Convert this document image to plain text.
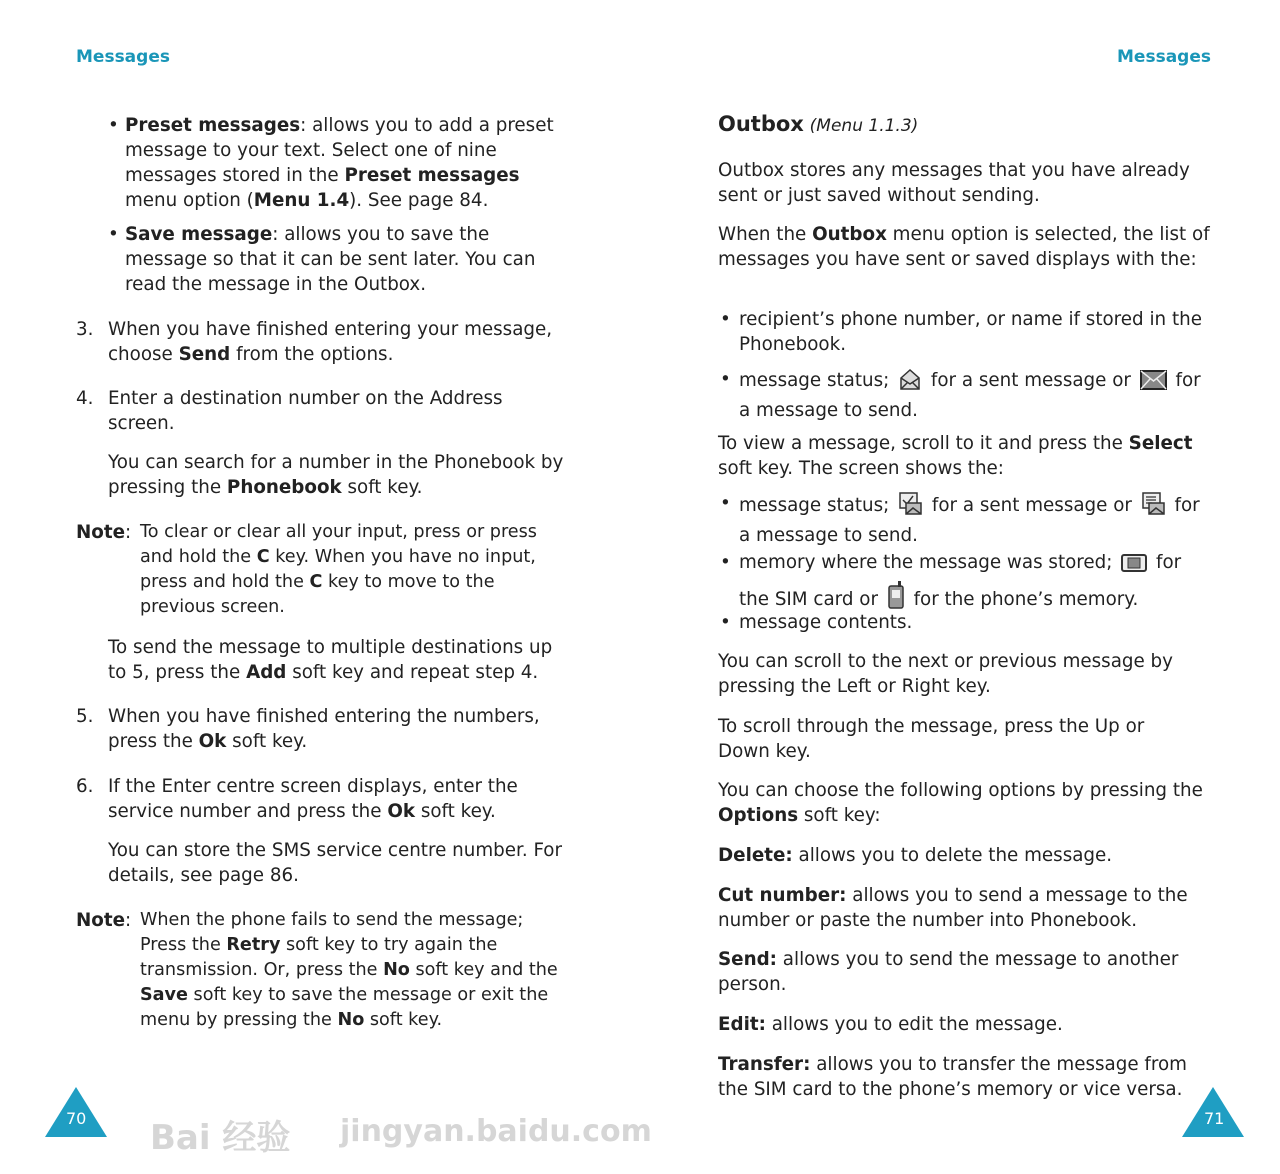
Messages	Messages
• Preset messages: allows you to add a preset message to your text. Select one of nine messages stored in the Preset messages menu option (Menu 1.4). See page 84.
• Save message: allows you to save the message so that it can be sent later. You can read the message in the Outbox.
3. When you have finished entering your message, choose Send from the options.
4. Enter a destination number on the Address screen.
You can search for a number in the Phonebook by pressing the Phonebook soft key.
Note: To clear or clear all your input, press or press and hold the C key. When you have no input, press and hold the C key to move to the previous screen.
To send the message to multiple destinations up to 5, press the Add soft key and repeat step 4.
5. When you have finished entering the numbers, press the Ok soft key.
6. If the Enter centre screen displays, enter the service number and press the Ok soft key.
You can store the SMS service centre number. For details, see page 86.
Note: When the phone fails to send the message; Press the Retry soft key to try again the transmission. Or, press the No soft key and the Save soft key to save the message or exit the menu by pressing the No soft key.
70
Outbox (Menu 1.1.3)
Outbox stores any messages that you have already sent or just saved without sending.
When the Outbox menu option is selected, the list of messages you have sent or saved displays with the:
• recipient’s phone number, or name if stored in the Phonebook.
• message status;  for a sent message or  for a message to send.
To view a message, scroll to it and press the Select soft key. The screen shows the:
• message status;  for a sent message or  for a message to send.
• memory where the message was stored;  for the SIM card or  for the phone’s memory.
• message contents.
You can scroll to the next or previous message by pressing the Left or Right key.
To scroll through the message, press the Up or Down key.
You can choose the following options by pressing the Options soft key:
Delete: allows you to delete the message.
Cut number: allows you to send a message to the number or paste the number into Phonebook.
Send: allows you to send the message to another person.
Edit: allows you to edit the message.
Transfer: allows you to transfer the message from the SIM card to the phone’s memory or vice versa.
71
Bai 经验 jingyan.baidu.com
